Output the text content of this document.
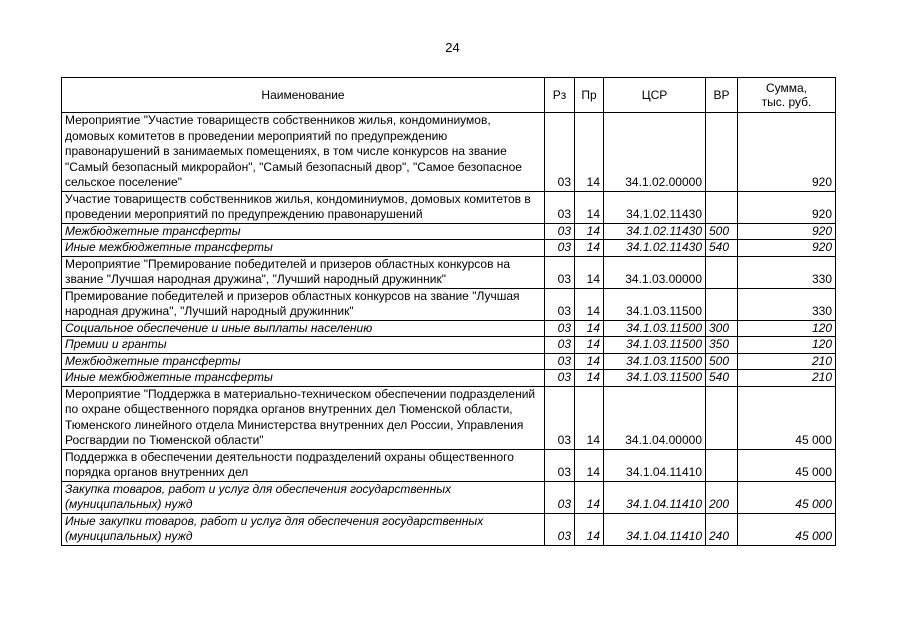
24
Наименование	Рз	Пр	ЦСР	ВР	Сумма,
тыс. руб.
Мероприятие "Участие товариществ собственников жилья, кондоминиумов, домовых комитетов в проведении мероприятий по предупреждению правонарушений в занимаемых помещениях, в том числе конкурсов на звание "Самый безопасный микрорайон", "Самый безопасный двор", "Самое безопасное сельское поселение"	03	14	34.1.02.00000		920
Участие товариществ собственников жилья, кондоминиумов, домовых комитетов в проведении мероприятий по предупреждению правонарушений	03	14	34.1.02.11430		920
Межбюджетные трансферты	03	14	34.1.02.11430	500	920
Иные межбюджетные трансферты	03	14	34.1.02.11430	540	920
Мероприятие "Премирование победителей и призеров областных конкурсов на звание "Лучшая народная дружина", "Лучший народный дружинник"	03	14	34.1.03.00000		330
Премирование победителей и призеров областных конкурсов на звание "Лучшая народная дружина", "Лучший народный дружинник"	03	14	34.1.03.11500		330
Социальное обеспечение и иные выплаты населению	03	14	34.1.03.11500	300	120
Премии и гранты	03	14	34.1.03.11500	350	120
Межбюджетные трансферты	03	14	34.1.03.11500	500	210
Иные межбюджетные трансферты	03	14	34.1.03.11500	540	210
Мероприятие "Поддержка в материально-техническом обеспечении подразделений по охране общественного порядка органов внутренних дел Тюменской области, Тюменского линейного отдела Министерства внутренних дел России, Управления Росгвардии по Тюменской области"	03	14	34.1.04.00000		45 000
Поддержка в обеспечении деятельности подразделений охраны общественного порядка органов внутренних дел	03	14	34.1.04.11410		45 000
Закупка товаров, работ и услуг для обеспечения государственных (муниципальных) нужд	03	14	34.1.04.11410	200	45 000
Иные закупки товаров, работ и услуг для обеспечения государственных (муниципальных) нужд	03	14	34.1.04.11410	240	45 000
